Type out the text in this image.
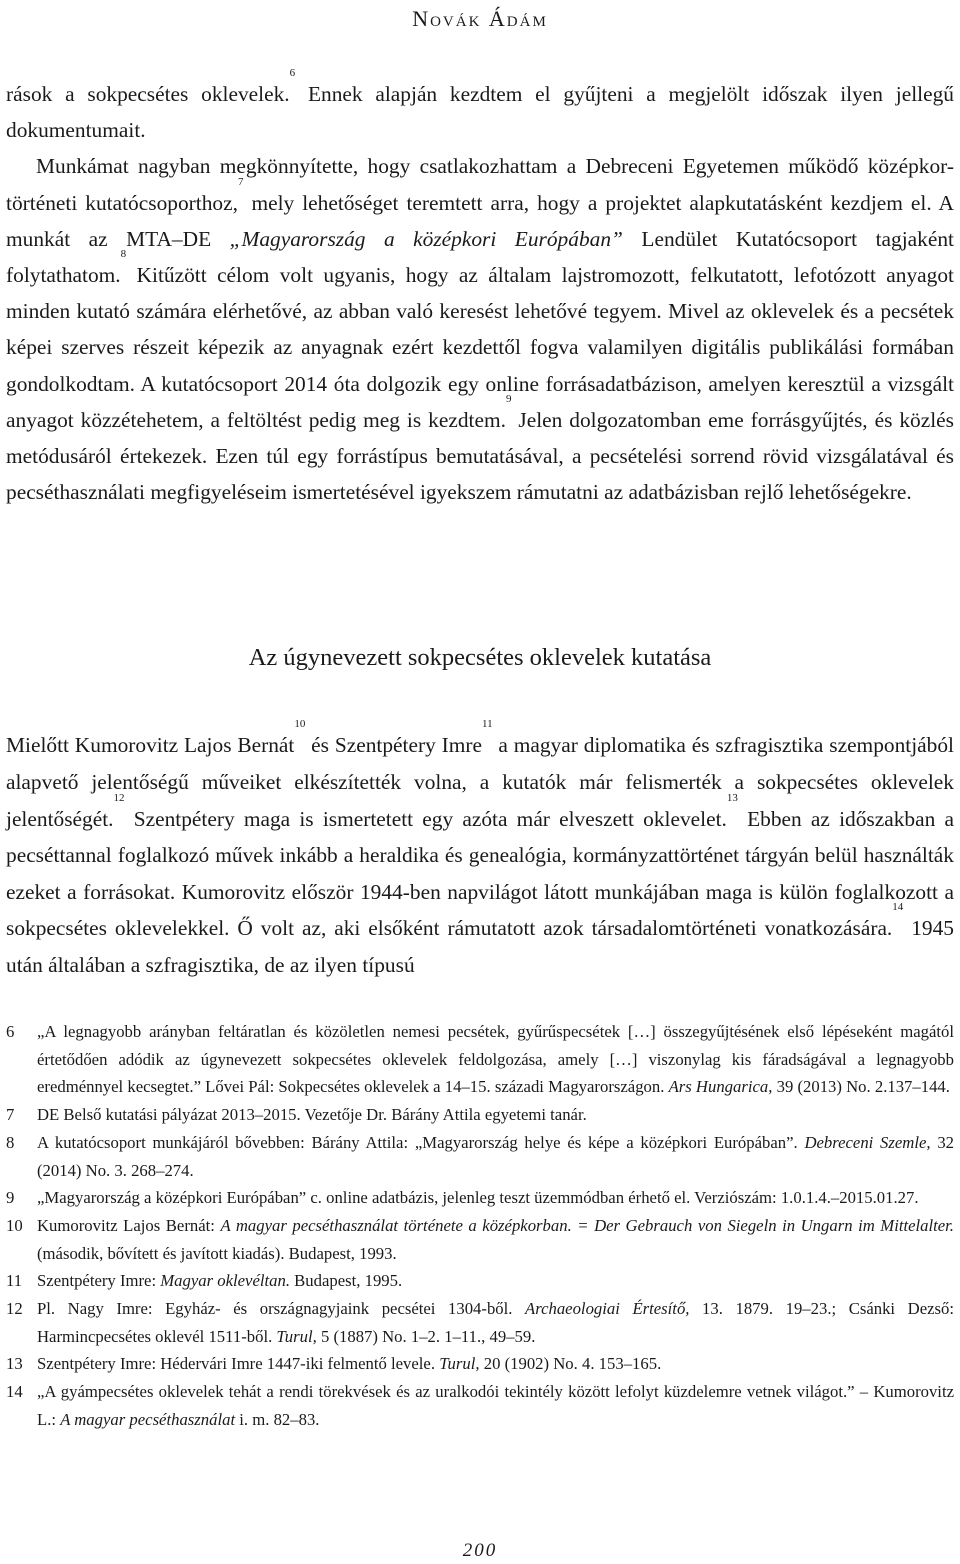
Novák Ádám

rások a sokpecsétes oklevelek.$^6$ Ennek alapján kezdtem el gyűjteni a megjelölt időszak ilyen jellegű dokumentumait.

Munkámat nagyban megkönnyítette, hogy csatlakozhattam a Debreceni Egyetemen működő középkor-történeti kutatócsoporthoz,$^7$ mely lehetőséget teremtett arra, hogy a projektet alapkutatásként kezdjem el. A munkát az MTA–DE „Magyarország a középkori Európában” Lendület Kutatócsoport tagjaként folytathatom.$^8$ Kitűzött célom volt ugyanis, hogy az általam lajstromozott, felkutatott, lefotózott anyagot minden kutató számára elérhetővé, az abban való keresést lehetővé tegyem. Mivel az oklevelek és a pecsétek képei szerves részeit képezik az anyagnak ezért kezdettől fogva valamilyen digitális publikálási formában gondolkodtam. A kutatócsoport 2014 óta dolgozik egy online forrásadatbázison, amelyen keresztül a vizsgált anyagot közzétehetem, a feltöltést pedig meg is kezdtem.$^9$ Jelen dolgozatomban eme forrásgyűjtés, és közlés metódusáról értekezek. Ezen túl egy forrástípus bemutatásával, a pecsételési sorrend rövid vizsgálatával és pecséthasználati megfigyeléseim ismertetésével igyekszem rámutatni az adatbázisban rejlő lehetőségekre.

Az úgynevezett sokpecsétes oklevelek kutatása

Mielőtt Kumorovitz Lajos Bernát$^{10}$ és Szentpétery Imre$^{11}$ a magyar diplomatika és szfragisztika szempontjából alapvető jelentőségű műveiket elkészítették volna, a kutatók már felismerték a sokpecsétes oklevelek jelentőségét.$^{12}$ Szentpétery maga is ismertetett egy azóta már elveszett oklevelet.$^{13}$ Ebben az időszakban a pecséttannal foglalkozó művek inkább a heraldika és genealógia, kormányzattörténet tárgyán belül használták ezeket a forrásokat. Kumorovitz először 1944-ben napvilágot látott munkájában maga is külön foglalkozott a sokpecsétes oklevelekkel. Ő volt az, aki elsőként rámutatott azok társadalomtörténeti vonatkozására.$^{14}$ 1945 után általában a szfragisztika, de az ilyen típusú

6 „A legnagyobb arányban feltáratlan és közöletlen nemesi pecsétek, gyűrűspecsétek […] összegyűjtésének első lépéseként magától értetődően adódik az úgynevezett sokpecsétes oklevelek feldolgozása, amely […] viszonylag kis fáradságával a legnagyobb eredménnyel kecsegtet.” Lővei Pál: Sokpecsétes oklevelek a 14–15. századi Magyarországon. Ars Hungarica, 39 (2013) No. 2.137–144.

7 DE Belső kutatási pályázat 2013–2015. Vezetője Dr. Bárány Attila egyetemi tanár.

8 A kutatócsoport munkájáról bővebben: Bárány Attila: „Magyarország helye és képe a középkori Európában”. Debreceni Szemle, 32 (2014) No. 3. 268–274.

9 „Magyarország a középkori Európában” c. online adatbázis, jelenleg teszt üzemmódban érhető el. Verziószám: 1.0.1.4.–2015.01.27.

10 Kumorovitz Lajos Bernát: A magyar pecséthasználat története a középkorban. = Der Gebrauch von Siegeln in Ungarn im Mittelalter. (második, bővített és javított kiadás). Budapest, 1993.

11 Szentpétery Imre: Magyar oklevéltan. Budapest, 1995.

12 Pl. Nagy Imre: Egyház- és országnagyjaink pecsétei 1304-ből. Archaeologiai Értesítő, 13. 1879. 19–23.; Csánki Dezső: Harmincpecsétes oklevél 1511-ből. Turul, 5 (1887) No. 1–2. 1–11., 49–59.

13 Szentpétery Imre: Hédervári Imre 1447-iki felmentő levele. Turul, 20 (1902) No. 4. 153–165.

14 „A gyámpecsétes oklevelek tehát a rendi törekvések és az uralkodói tekintély között lefolyt küzdelemre vetnek világot.” – Kumorovitz L.: A magyar pecséthasználat i. m. 82–83.

200
